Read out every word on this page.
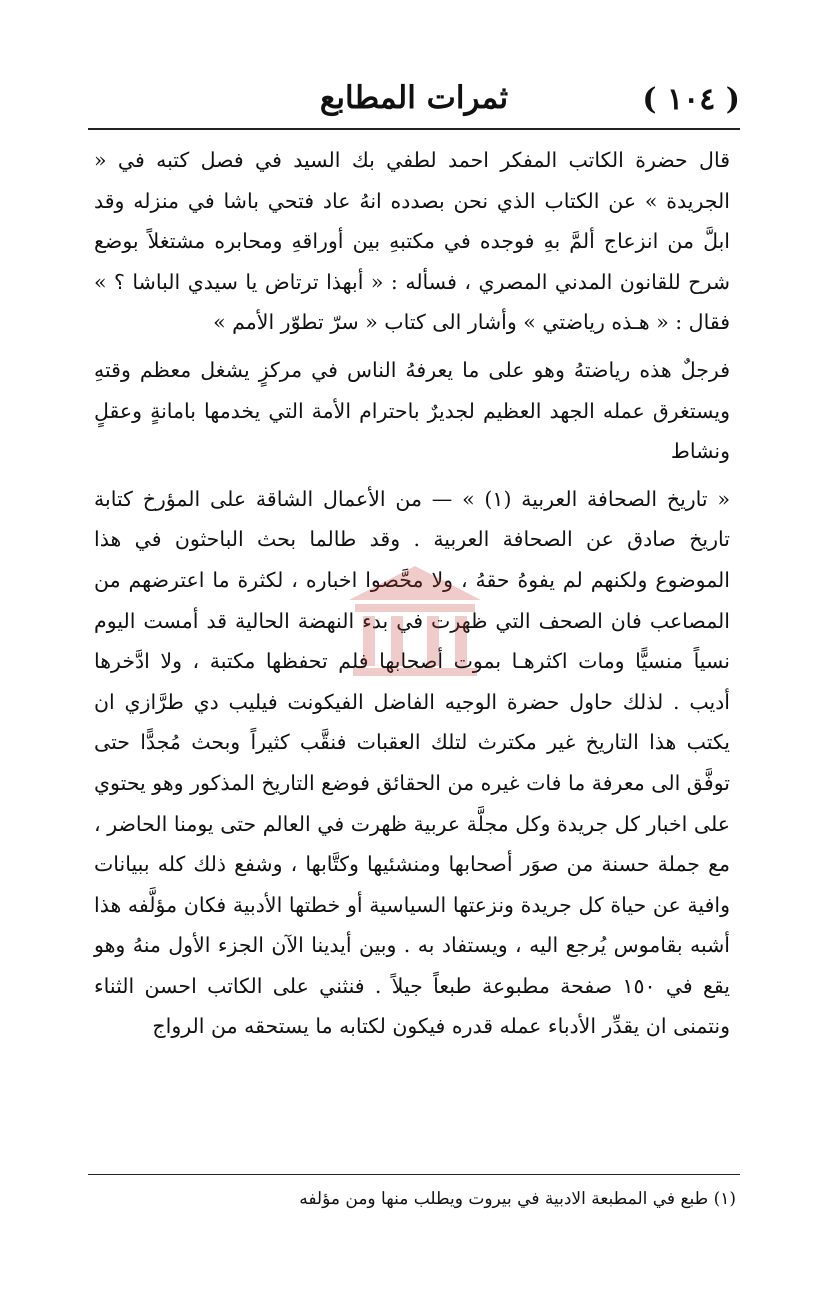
( ١٠٤ )
ثمرات المطابع

قال حضرة الكاتب المفكر احمد لطفي بك السيد في فصل كتبه في « الجريدة » عن الكتاب الذي نحن بصدده انهُ عاد فتحي باشا في منزله وقد ابلَّ من انزعاج ألمَّ بهِ فوجده في مكتبهِ بين أوراقهِ ومحابره مشتغلاً بوضع شرح للقانون المدني المصري ، فسأله : « أبهذا ترتاض يا سيدي الباشا ؟ » فقال : « هـذه رياضتي » وأشار الى كتاب « سرّ تطوّر الأمم »

فرجلٌ هذه رياضتهُ وهو على ما يعرفهُ الناس في مركزٍ يشغل معظم وقتهِ ويستغرق عمله الجهد العظيم لجديرٌ باحترام الأمة التي يخدمها بامانةٍ وعقلٍ ونشاط

« تاريخ الصحافة العربية (١) » — من الأعمال الشاقة على المؤرخ كتابة تاريخ صادق عن الصحافة العربية . وقد طالما بحث الباحثون في هذا الموضوع ولكنهم لم يفوهُ حقهُ ، ولا محَّصوا اخباره ، لكثرة ما اعترضهم من المصاعب فان الصحف التي ظهرت في بدء النهضة الحالية قد أمست اليوم نسياً منسيًّا ومات اكثرهـا بموت أصحابها فلم تحفظها مكتبة ، ولا ادَّخرها أديب . لذلك حاول حضرة الوجيه الفاضل الفيكونت فيليب دي طرَّازي ان يكتب هذا التاريخ غير مكترث لتلك العقبات فنقَّب كثيراً وبحث مُجدًّا حتى توفَّق الى معرفة ما فات غيره من الحقائق فوضع التاريخ المذكور وهو يحتوي على اخبار كل جريدة وكل مجلَّة عربية ظهرت في العالم حتى يومنا الحاضر ، مع جملة حسنة من صوَر أصحابها ومنشئيها وكتَّابها ، وشفع ذلك كله ببيانات وافية عن حياة كل جريدة ونزعتها السياسية أو خطتها الأدبية فكان مؤلَّفه هذا أشبه بقاموس يُرجع اليه ، ويستفاد به . وبين أيدينا الآن الجزء الأول منهُ وهو يقع في ١٥٠ صفحة مطبوعة طبعاً جيلاً . فنثني على الكاتب احسن الثناء ونتمنى ان يقدِّر الأدباء عمله قدره فيكون لكتابه ما يستحقه من الرواج

(١) طبع في المطبعة الادبية في بيروت ويطلب منها ومن مؤلفه
